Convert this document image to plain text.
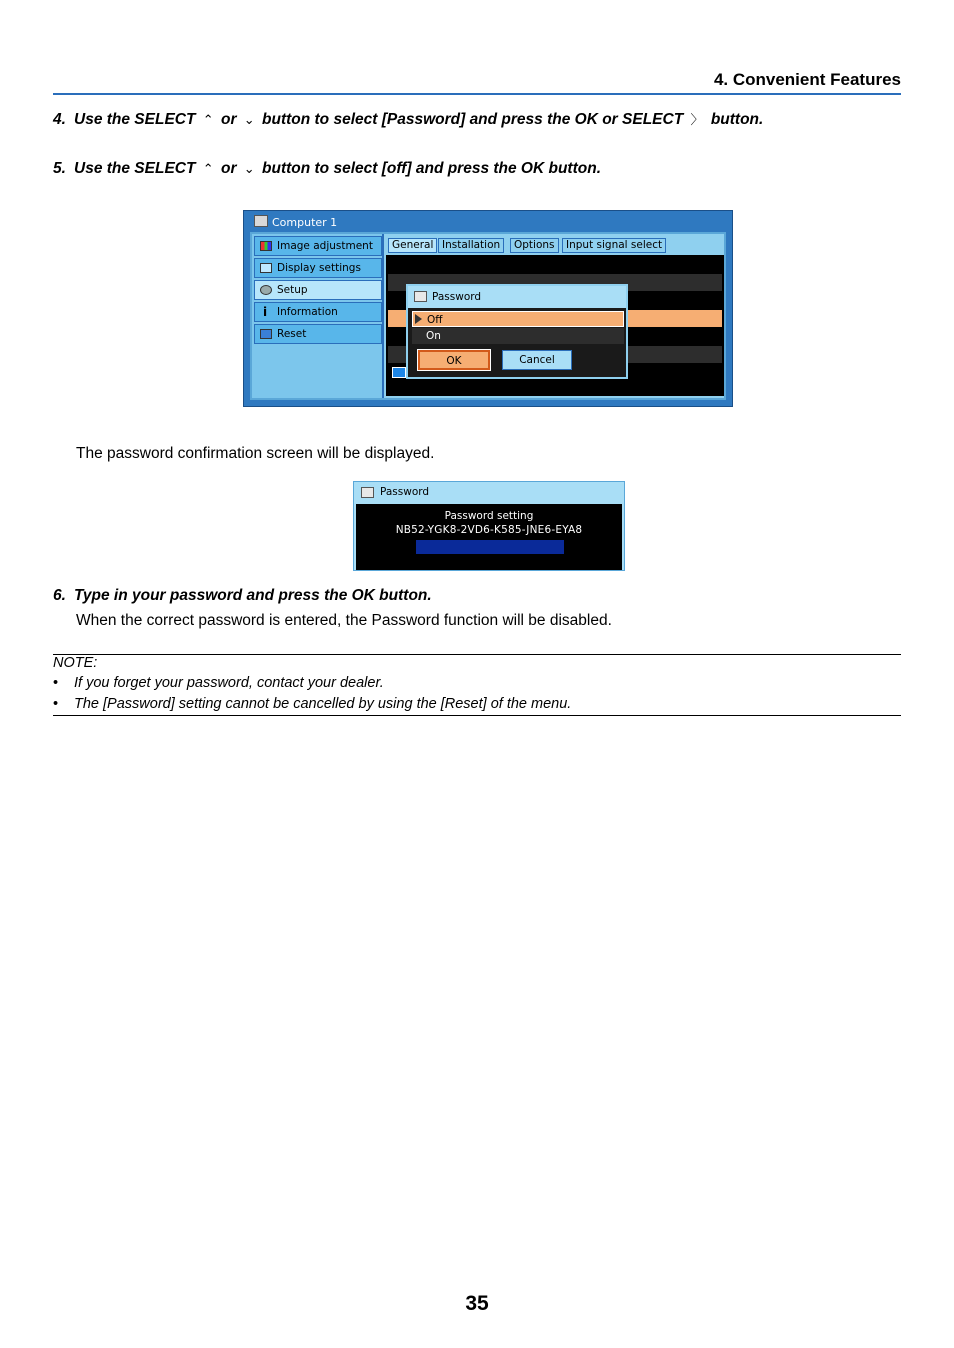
4. Convenient Features
4. Use the SELECT ⌃ or ⌄ button to select [Password] and press the OK or SELECT 〉 button.
5. Use the SELECT ⌃ or ⌄ button to select [off] and press the OK button.
Computer 1
Image adjustment
Display settings
Setup
i Information
Reset
General Installation	Options	Input signal select
Password
Off
On
OK	Cancel
The password confirmation screen will be displayed.
Password
Password setting
NB52-YGK8-2VD6-K585-JNE6-EYA8
6. Type in your password and press the OK button.
When the correct password is entered, the Password function will be disabled.
NOTE:
• If you forget your password, contact your dealer.
• The [Password] setting cannot be cancelled by using the [Reset] of the menu.
35
